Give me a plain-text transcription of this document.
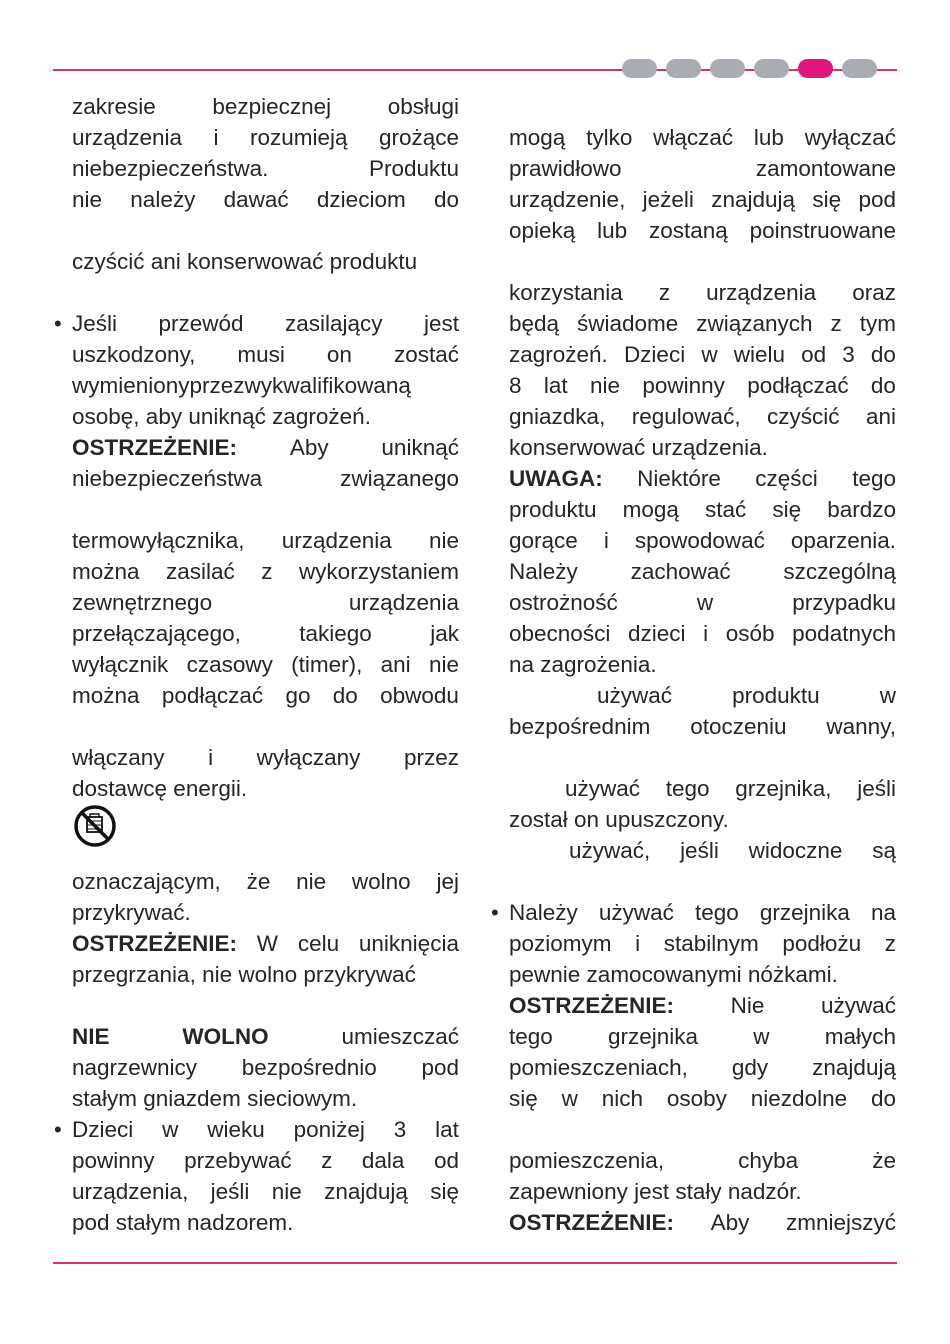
zakresie	bezpiecznej	obsługi
urządzenia i rozumieją grożące
niebezpieczeństwa.	Produktu
nie należy dawać dzieciom do
czyścić ani konserwować produktu
• Jeśli przewód zasilający jest
uszkodzony, musi on zostać
wymienionyprzezwykwalifikowaną
osobę, aby uniknąć zagrożeń.
OSTRZEŻENIE: Aby uniknąć
niebezpieczeństwa	związanego
termowyłącznika, urządzenia nie
można zasilać z wykorzystaniem
zewnętrznego	urządzenia
przełączającego,	takiego	jak
wyłącznik czasowy (timer), ani nie
można podłączać go do obwodu
włączany i wyłączany przez
dostawcę energii.
oznaczającym, że nie wolno jej
przykrywać.
OSTRZEŻENIE: W celu uniknięcia
przegrzania, nie wolno przykrywać
NIE	WOLNO	umieszczać
nagrzewnicy bezpośrednio pod
stałym gniazdem sieciowym.
• Dzieci w wieku poniżej 3 lat
powinny przebywać z dala od
urządzenia, jeśli nie znajdują się
pod stałym nadzorem.
mogą tylko włączać lub wyłączać
prawidłowo	zamontowane
urządzenie, jeżeli znajdują się pod
opieką lub zostaną poinstruowane
korzystania z urządzenia oraz
będą świadome związanych z tym
zagrożeń. Dzieci w wielu od 3 do
8 lat nie powinny podłączać do
gniazdka, regulować, czyścić ani
konserwować urządzenia.
UWAGA: Niektóre części tego
produktu mogą stać się bardzo
gorące i spowodować oparzenia.
Należy zachować szczególną
ostrożność	w	przypadku
obecności dzieci i osób podatnych
na zagrożenia.
używać	produktu	w
bezpośrednim otoczeniu wanny,
używać tego grzejnika, jeśli
został on upuszczony.
używać, jeśli widoczne są
• Należy używać tego grzejnika na
poziomym i stabilnym podłożu z
pewnie zamocowanymi nóżkami.
OSTRZEŻENIE:	Nie	używać
tego grzejnika w małych
pomieszczeniach, gdy znajdują
się w nich osoby niezdolne do
pomieszczenia,	chyba	że
zapewniony jest stały nadzór.
OSTRZEŻENIE: Aby zmniejszyć
